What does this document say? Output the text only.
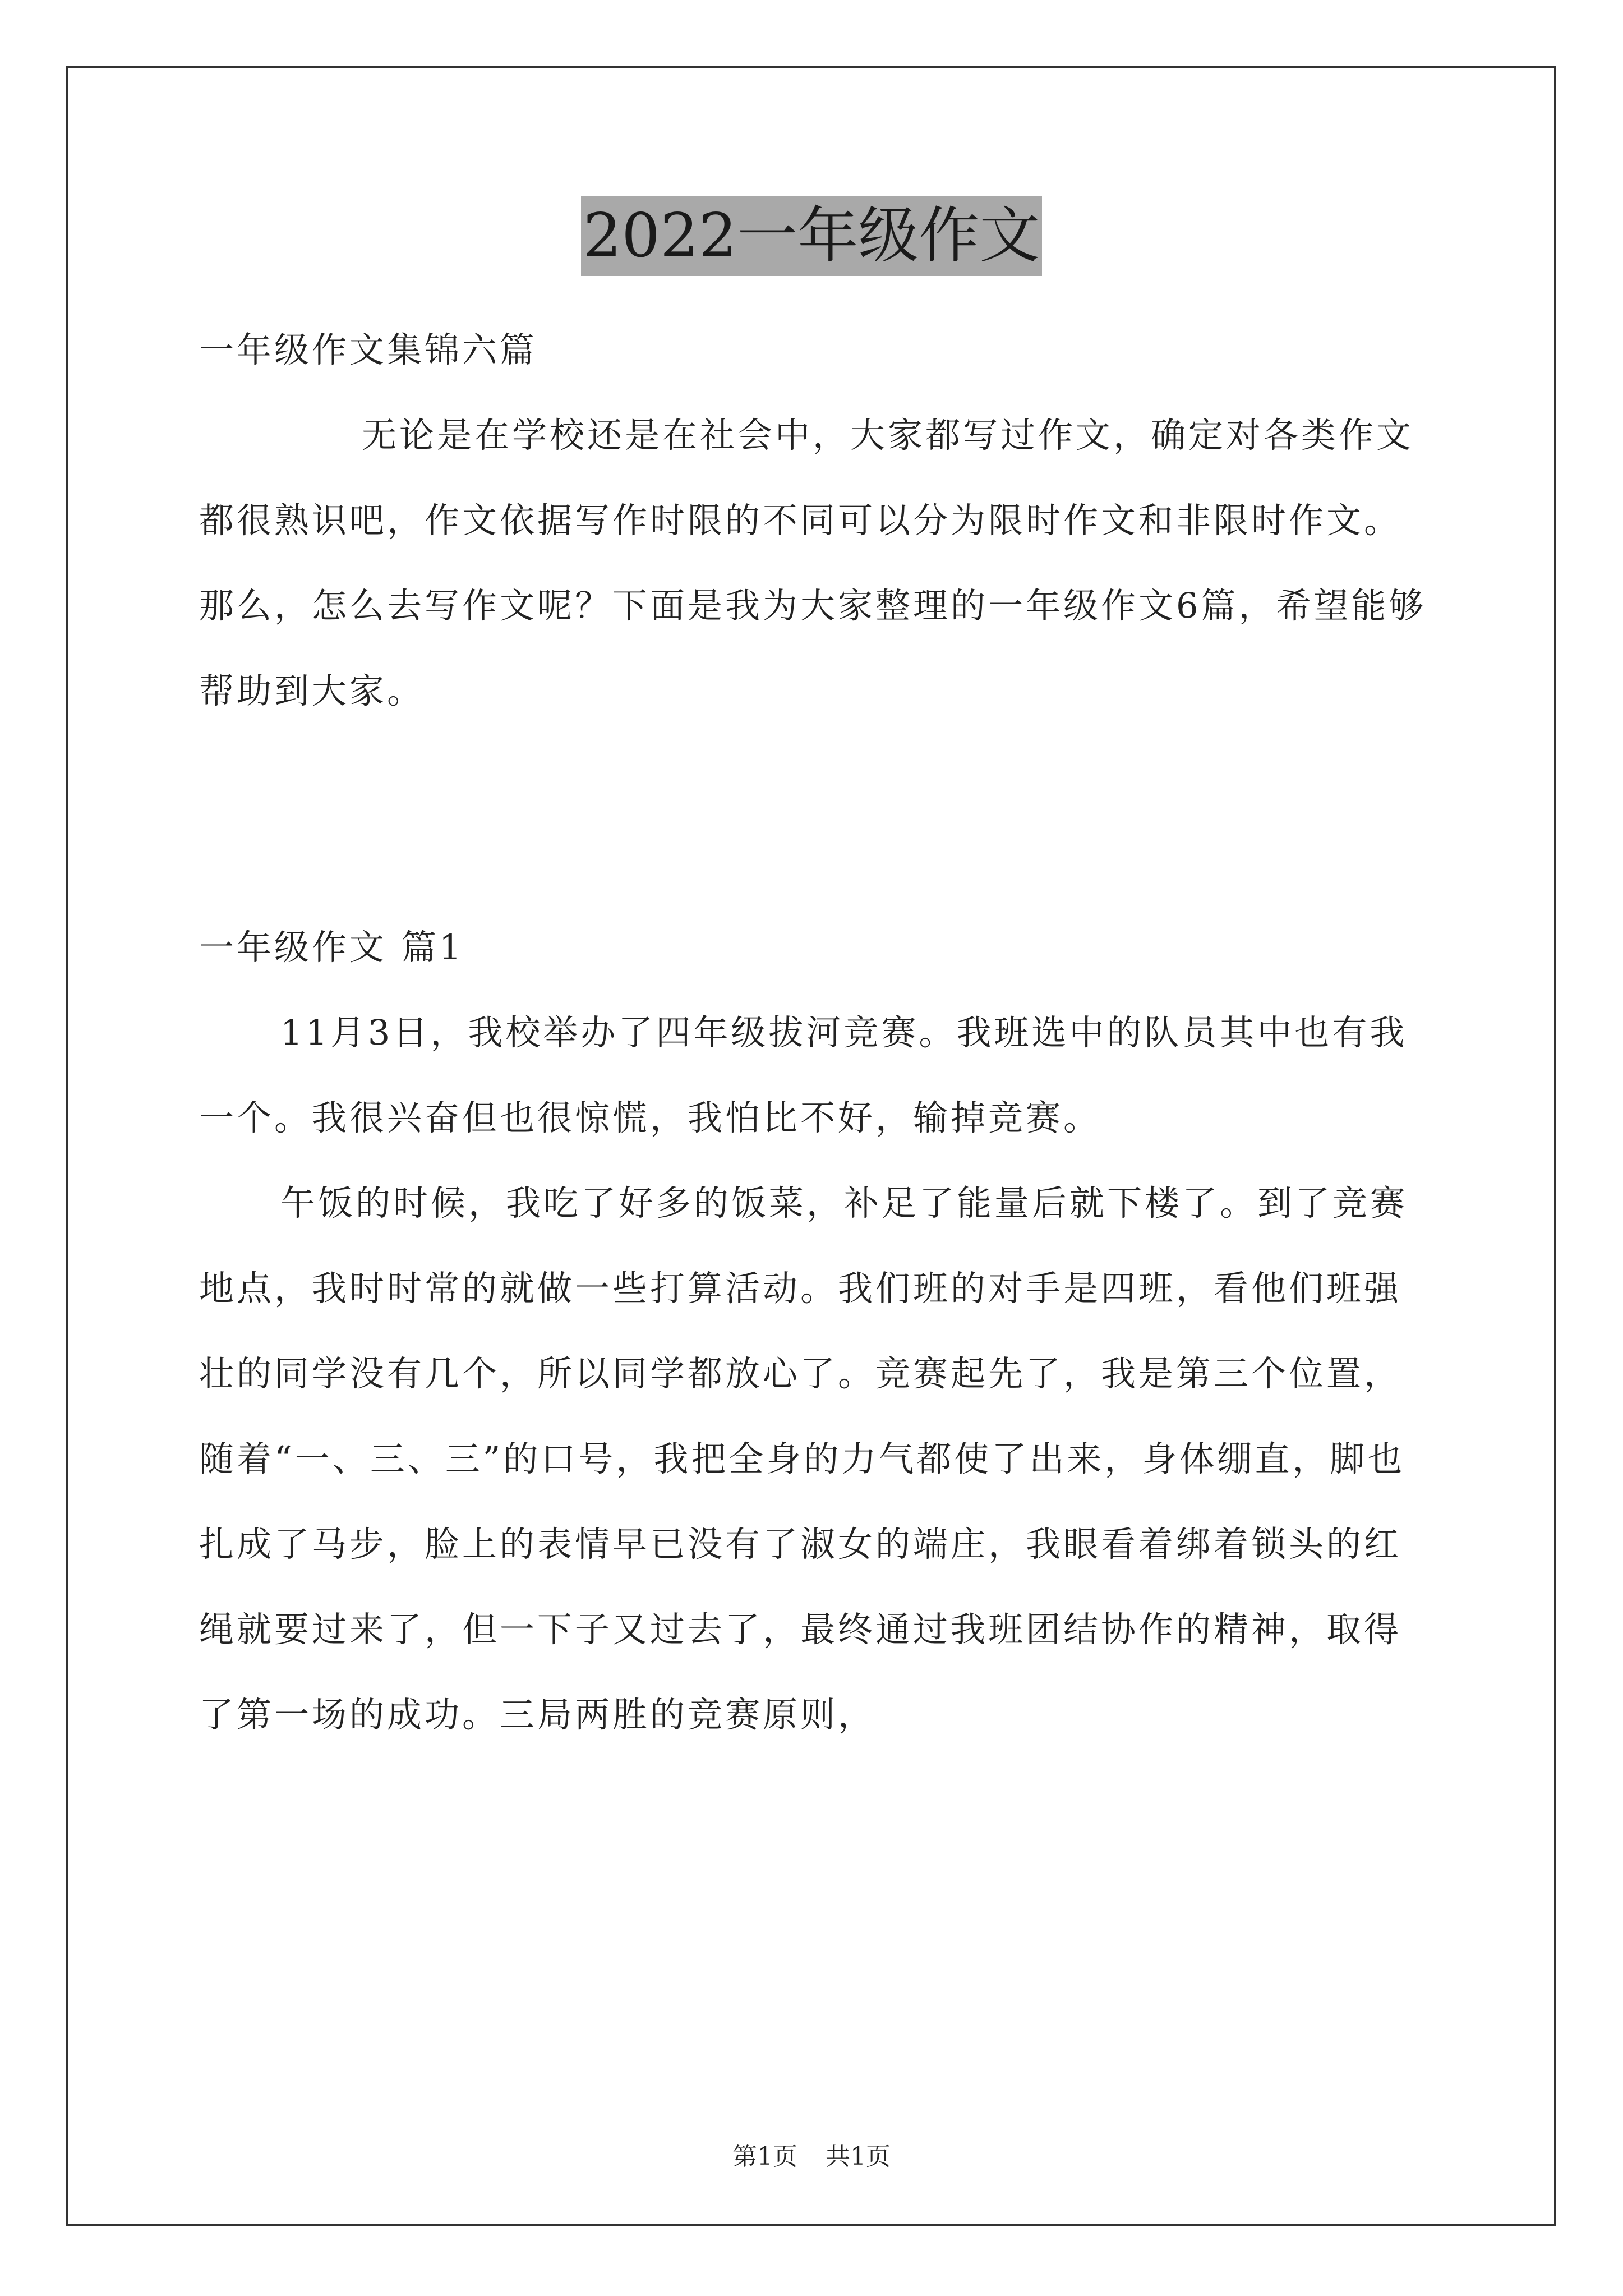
2022一年级作文

一年级作文集锦六篇

无论是在学校还是在社会中，大家都写过作文，确定对各类作文都很熟识吧，作文依据写作时限的不同可以分为限时作文和非限时作文。那么，怎么去写作文呢？下面是我为大家整理的一年级作文6篇，希望能够帮助到大家。

一年级作文 篇1

11月3日，我校举办了四年级拔河竞赛。我班选中的队员其中也有我一个。我很兴奋但也很惊慌，我怕比不好，输掉竞赛。

午饭的时候，我吃了好多的饭菜，补足了能量后就下楼了。到了竞赛地点，我时时常的就做一些打算活动。我们班的对手是四班，看他们班强壮的同学没有几个，所以同学都放心了。竞赛起先了，我是第三个位置，随着“一、三、三”的口号，我把全身的力气都使了出来，身体绷直，脚也扎成了马步，脸上的表情早已没有了淑女的端庄，我眼看着绑着锁头的红绳就要过来了，但一下子又过去了，最终通过我班团结协作的精神，取得了第一场的成功。三局两胜的竞赛原则，

第1页 共1页
